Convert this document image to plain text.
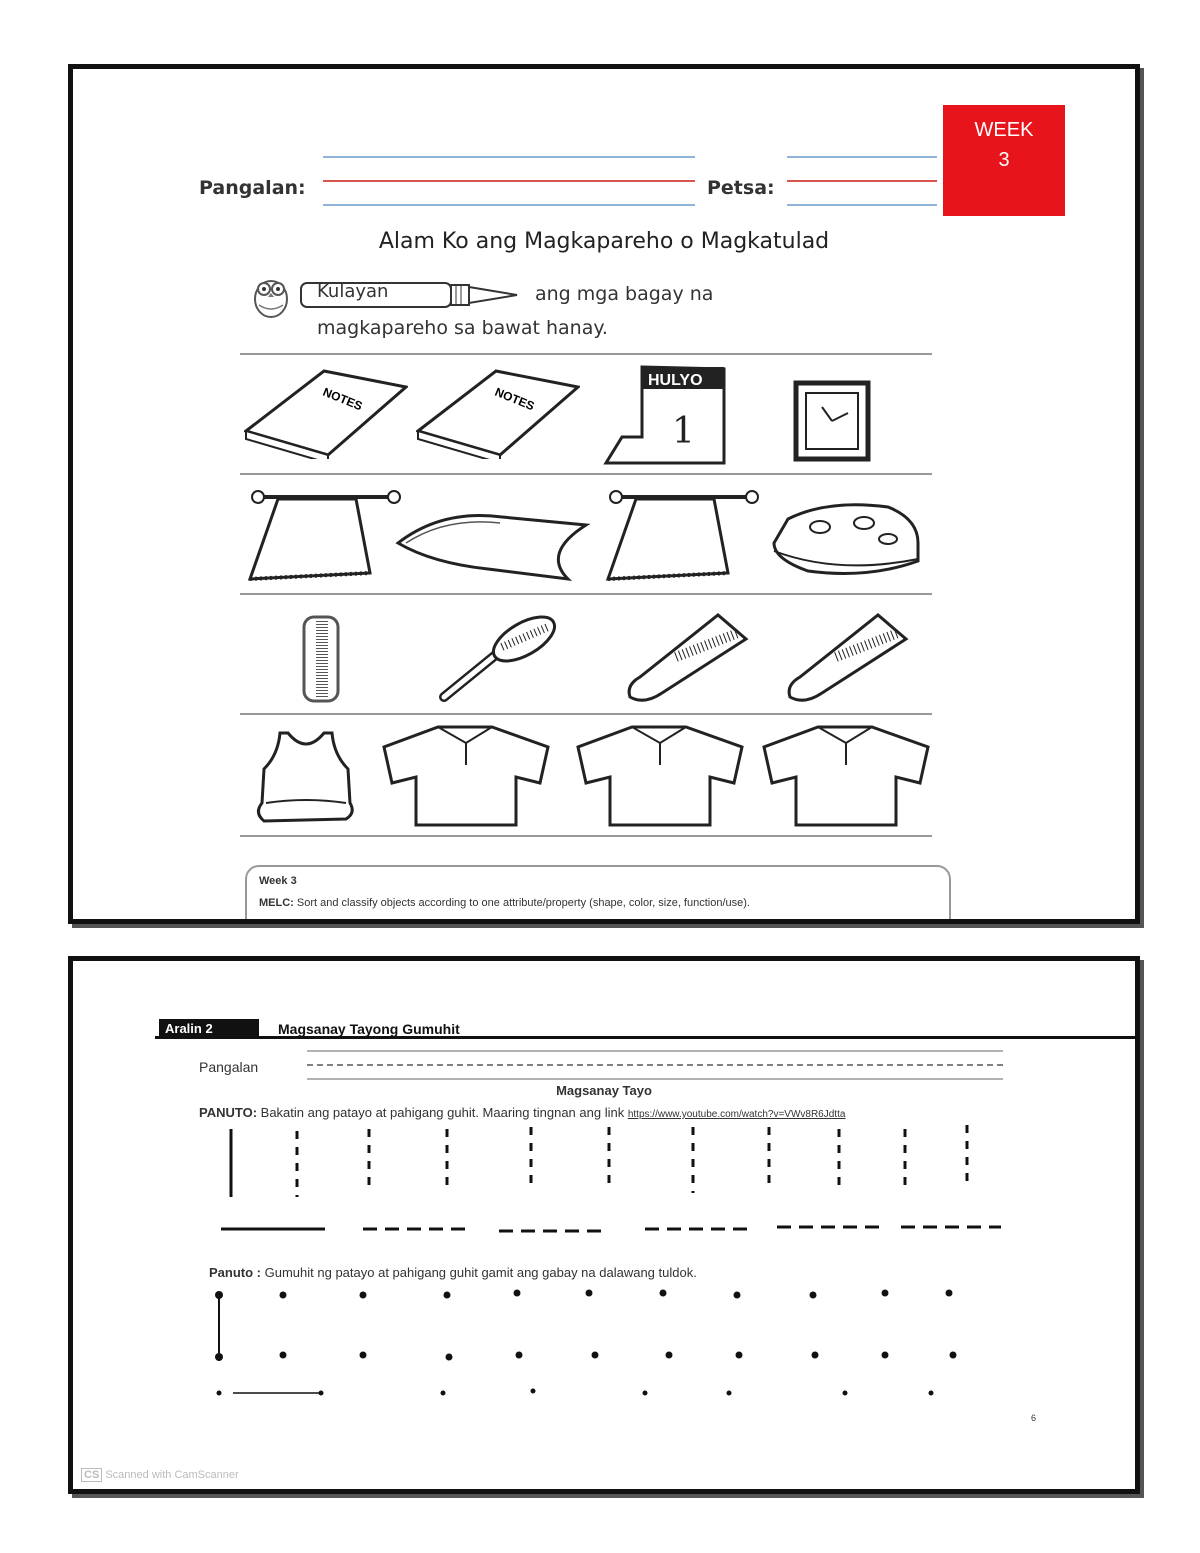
Pangalan:	Petsa:
WEEK
3
Alam Ko ang Magkapareho o Magkatulad
Kulayan	ang mga bagay na
magkapareho sa bawat hanay.
NOTES	NOTES
HULYO
1
Week 3
MELC: Sort and classify objects according to one attribute/property (shape, color, size, function/use).
Aralin 2	Magsanay Tayong Gumuhit
Pangalan
Magsanay Tayo
PANUTO: Bakatin ang patayo at pahigang guhit. Maaring tingnan ang link https://www.youtube.com/watch?v=VWv8R6Jdtta
Panuto : Gumuhit ng patayo at pahigang guhit gamit ang gabay na dalawang tuldok.
6
CS Scanned with CamScanner
